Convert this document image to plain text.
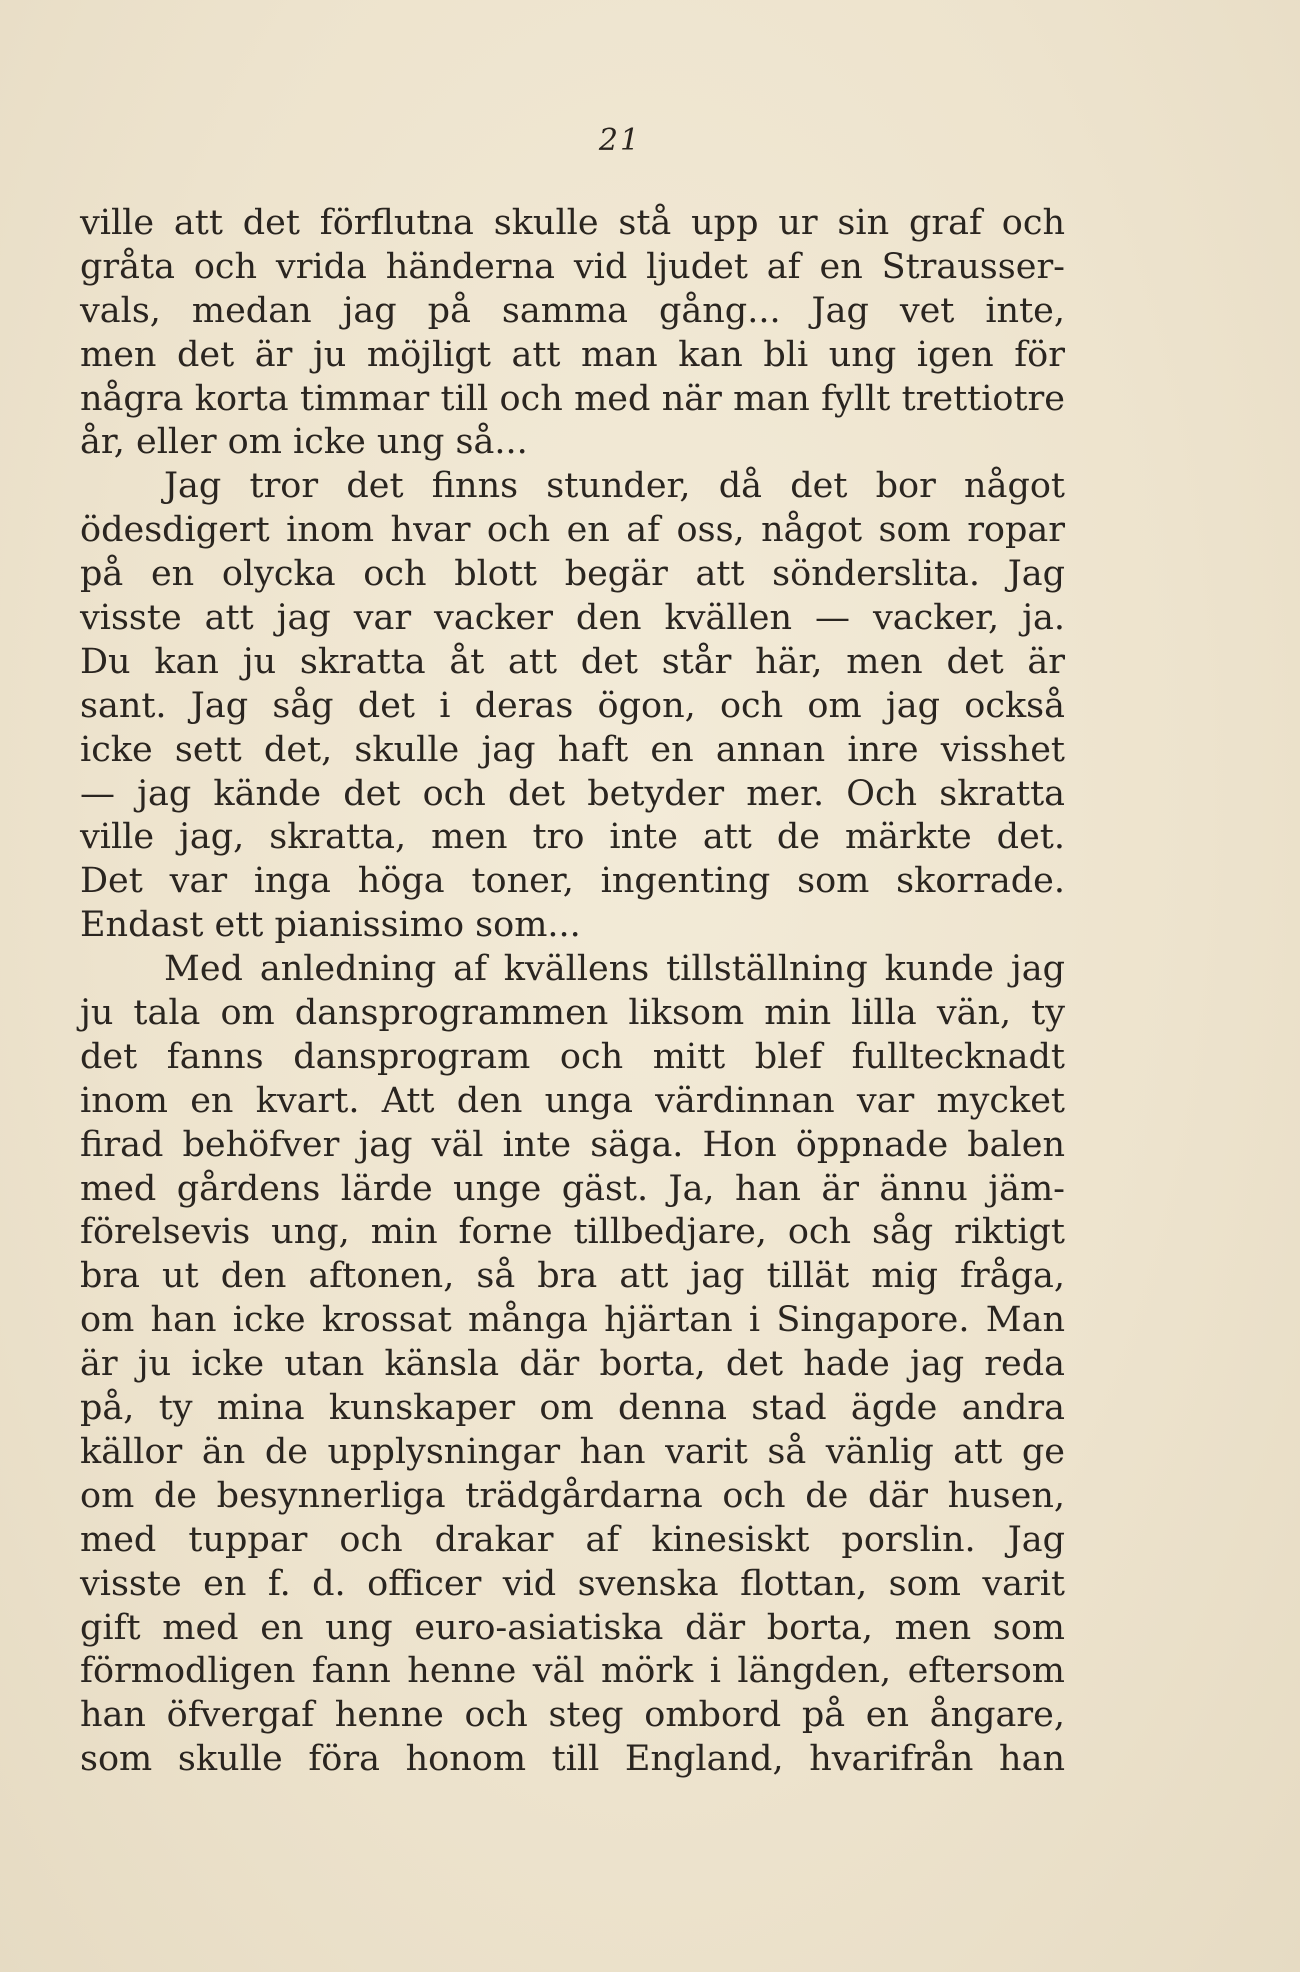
21
ville att det förflutna skulle stå upp ur sin graf och
gråta och vrida händerna vid ljudet af en Strausser-
vals, medan jag på samma gång... Jag vet inte,
men det är ju möjligt att man kan bli ung igen för
några korta timmar till och med när man fyllt trettiotre
år, eller om icke ung så...
Jag tror det finns stunder, då det bor något
ödesdigert inom hvar och en af oss, något som ropar
på en olycka och blott begär att sönderslita. Jag
visste att jag var vacker den kvällen — vacker, ja.
Du kan ju skratta åt att det står här, men det är
sant. Jag såg det i deras ögon, och om jag också
icke sett det, skulle jag haft en annan inre visshet
— jag kände det och det betyder mer. Och skratta
ville jag, skratta, men tro inte att de märkte det.
Det var inga höga toner, ingenting som skorrade.
Endast ett pianissimo som...
Med anledning af kvällens tillställning kunde jag
ju tala om dansprogrammen liksom min lilla vän, ty
det fanns dansprogram och mitt blef fulltecknadt
inom en kvart. Att den unga värdinnan var mycket
firad behöfver jag väl inte säga. Hon öppnade balen
med gårdens lärde unge gäst. Ja, han är ännu jäm-
förelsevis ung, min forne tillbedjare, och såg riktigt
bra ut den aftonen, så bra att jag tillät mig fråga,
om han icke krossat många hjärtan i Singapore. Man
är ju icke utan känsla där borta, det hade jag reda
på, ty mina kunskaper om denna stad ägde andra
källor än de upplysningar han varit så vänlig att ge
om de besynnerliga trädgårdarna och de där husen,
med tuppar och drakar af kinesiskt porslin. Jag
visste en f. d. officer vid svenska flottan, som varit
gift med en ung euro-asiatiska där borta, men som
förmodligen fann henne väl mörk i längden, eftersom
han öfvergaf henne och steg ombord på en ångare,
som skulle föra honom till England, hvarifrån han
